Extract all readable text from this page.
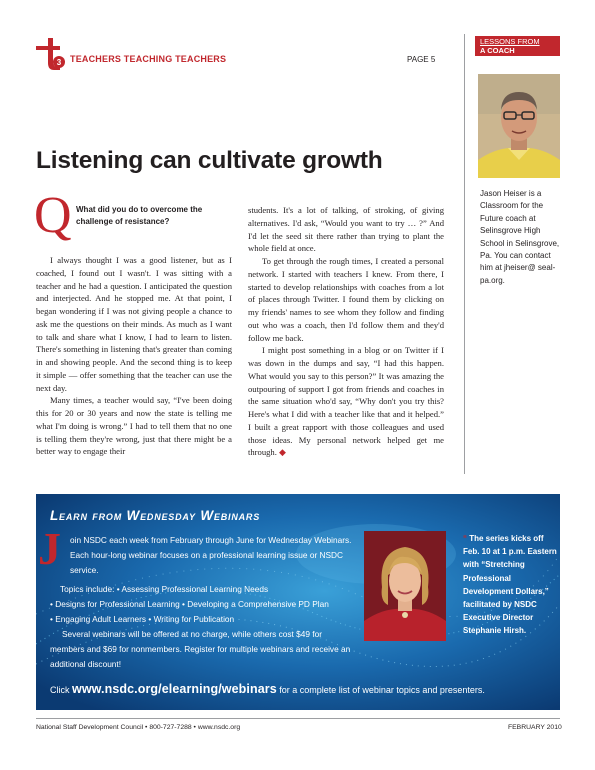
3 TEACHERS TEACHING TEACHERS	PAGE 5
LESSONS FROM
A COACH
Jason Heiser is a Classroom for the Future coach at Selinsgrove High School in Selinsgrove, Pa. You can contact him at jheiser@ seal-pa.org.
Listening can cultivate growth
Q What did you do to overcome the challenge of resistance?

I always thought I was a good listener, but as I coached, I found out I wasn't. I was sitting with a teacher and he had a question. I anticipated the question and interjected. And he stopped me. At that point, I began wondering if I was not giving people a chance to ask me the questions on their minds. As much as I want to talk and share what I know, I had to learn to listen. There's something in listening that's greater than coming in and showing people. And the second thing is to keep it simple — offer something that the teacher can use the next day.

Many times, a teacher would say, “I've been doing this for 20 or 30 years and now the state is telling me what I'm doing is wrong.” I had to tell them that no one is telling them they're wrong, just that there might be a better way to engage their

students. It's a lot of talking, of stroking, of giving alternatives. I'd ask, “Would you want to try … ?” And I'd let the seed sit there rather than trying to plant the whole field at once.

To get through the rough times, I created a personal network. I started with teachers I knew. From there, I started to develop relationships with coaches from a lot of places through Twitter. I found them by clicking on my friends' names to see whom they follow and finding out who was a coach, then I'd follow them and they'd follow me back.

I might post something in a blog or on Twitter if I was down in the dumps and say, “I had this happen. What would you say to this person?” It was amazing the outpouring of support I got from friends and coaches in the same situation who'd say, “Why don't you try this? Here's what I did with a teacher like that and it helped.” I built a great rapport with those colleagues and used those ideas. My personal network helped get me through. ◆

Learn from Wednesday Webinars
J oin NSDC each week from February through June for Wednesday Webinars. Each hour-long webinar focuses on a professional learning issue or NSDC service.
Topics include: • Assessing Professional Learning Needs
• Designs for Professional Learning • Developing a Comprehensive PD Plan
• Engaging Adult Learners • Writing for Publication
Several webinars will be offered at no charge, while others cost $49 for members and $69 for nonmembers. Register for multiple webinars and receive an additional discount!
“ The series kicks off Feb. 10 at 1 p.m. Eastern with “Stretching Professional Development Dollars,” facilitated by NSDC Executive Director Stephanie Hirsh.
Click www.nsdc.org/elearning/webinars for a complete list of webinar topics and presenters.
National Staff Development Council • 800-727-7288 • www.nsdc.org	FEBRUARY 2010
